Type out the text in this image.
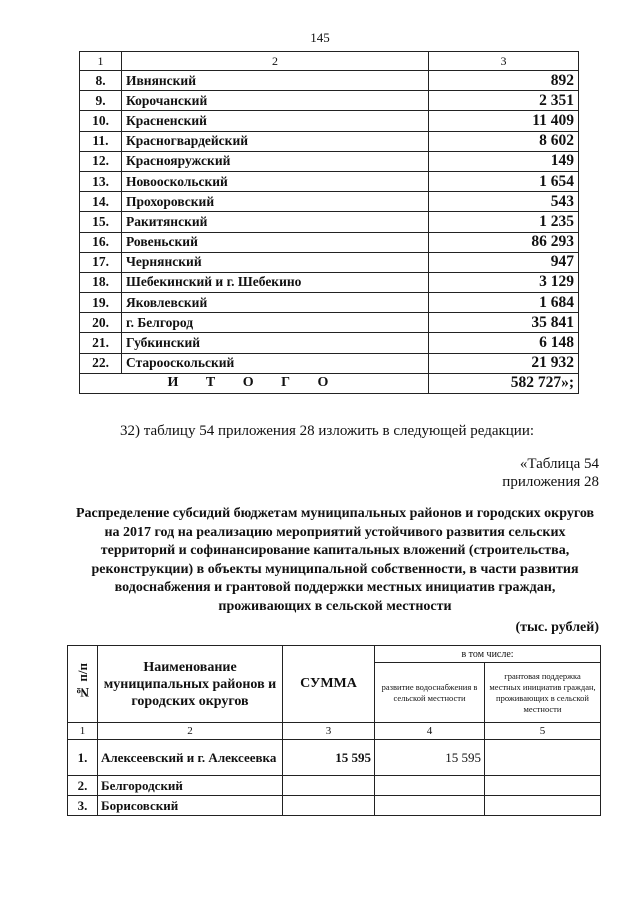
145
1	2	3
8.	Ивнянский	892
9.	Корочанский	2 351
10.	Красненский	11 409
11.	Красногвардейский	8 602
12.	Краснояружский	149
13.	Новооскольский	1 654
14.	Прохоровский	543
15.	Ракитянский	1 235
16.	Ровеньский	86 293
17.	Чернянский	947
18.	Шебекинский и г. Шебекино	3 129
19.	Яковлевский	1 684
20.	г. Белгород	35 841
21.	Губкинский	6 148
22.	Старооскольский	21 932
И Т О Г О		582 727»;
32) таблицу 54 приложения 28 изложить в следующей редакции:
«Таблица 54
приложения 28
Распределение субсидий бюджетам муниципальных районов и городских округов на 2017 год на реализацию мероприятий устойчивого развития сельских территорий и софинансирование капитальных вложений (строительства, реконструкции) в объекты муниципальной собственности, в части развития водоснабжения и грантовой поддержки местных инициатив граждан, проживающих в сельской местности
(тыс. рублей)
№ п/п	Наименование муниципальных районов и городских округов	СУММА	в том числе:	
			развитие водоснабжения в сельской местности	грантовая поддержка местных инициатив граждан, проживающих в сельской местности
1	2	3	4	5
1.	Алексеевский и г. Алексеевка	15 595	15 595	
2.	Белгородский			
3.	Борисовский			
